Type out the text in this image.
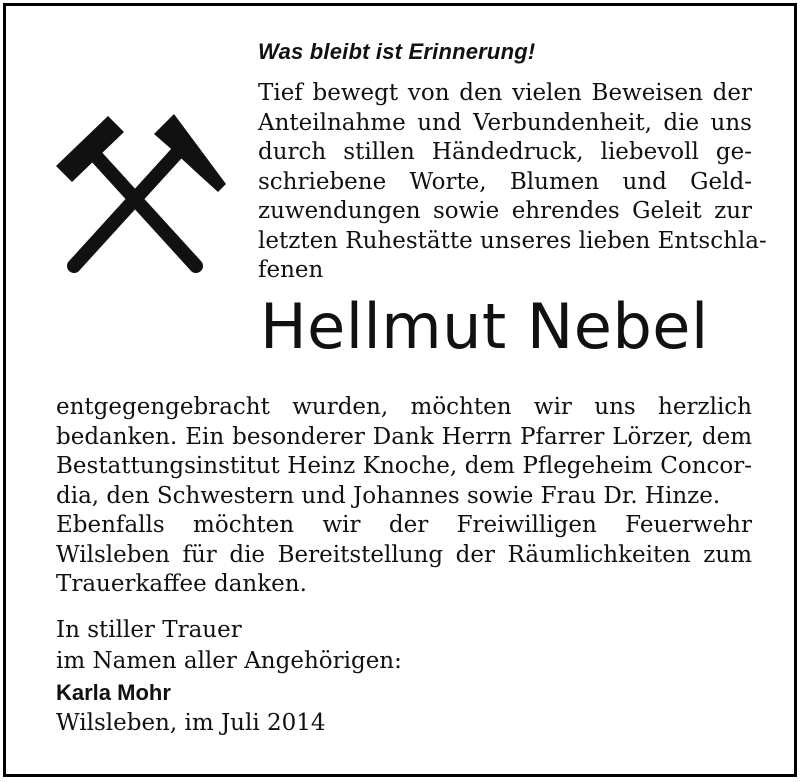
Was bleibt ist Erinnerung!
Tief bewegt von den vielen Beweisen der
Anteilnahme und Verbundenheit, die uns
durch stillen Händedruck, liebevoll ge-
schriebene Worte, Blumen und Geld-
zuwendungen sowie ehrendes Geleit zur
letzten Ruhestätte unseres lieben Entschla-
fenen
Hellmut Nebel
entgegengebracht wurden, möchten wir uns herzlich
bedanken. Ein besonderer Dank Herrn Pfarrer Lörzer, dem
Bestattungsinstitut Heinz Knoche, dem Pflegeheim Concor-
dia, den Schwestern und Johannes sowie Frau Dr. Hinze.
Ebenfalls möchten wir der Freiwilligen Feuerwehr
Wilsleben für die Bereitstellung der Räumlichkeiten zum
Trauerkaffee danken.
In stiller Trauer
im Namen aller Angehörigen:
Karla Mohr
Wilsleben, im Juli 2014
